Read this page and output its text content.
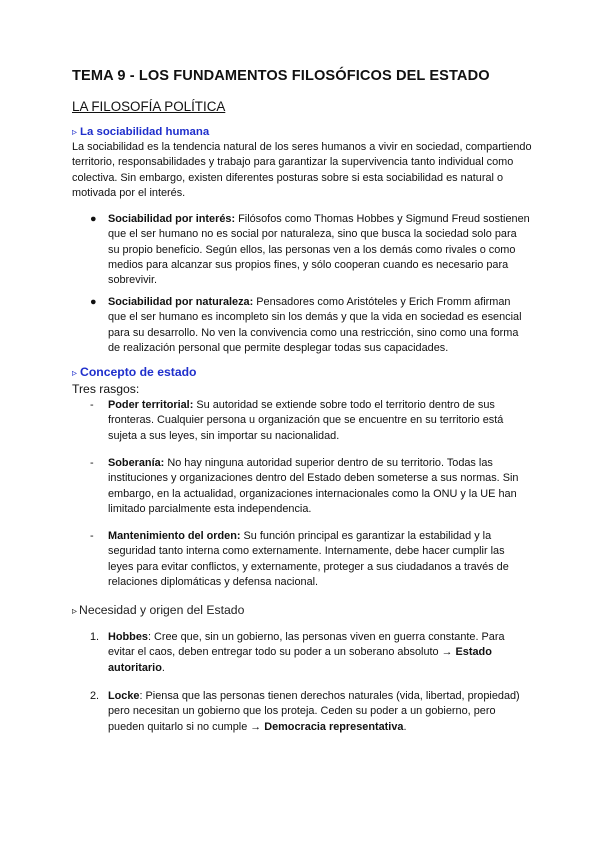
TEMA 9 - LOS FUNDAMENTOS FILOSÓFICOS DEL ESTADO
LA FILOSOFÍA POLÍTICA
▹ La sociabilidad humana
La sociabilidad es la tendencia natural de los seres humanos a vivir en sociedad, compartiendo territorio, responsabilidades y trabajo para garantizar la supervivencia tanto individual como colectiva. Sin embargo, existen diferentes posturas sobre si esta sociabilidad es natural o motivada por el interés.
●	Sociabilidad por interés: Filósofos como Thomas Hobbes y Sigmund Freud sostienen que el ser humano no es social por naturaleza, sino que busca la sociedad solo para su propio beneficio. Según ellos, las personas ven a los demás como rivales o como medios para alcanzar sus propios fines, y sólo cooperan cuando es necesario para sobrevivir.
●	Sociabilidad por naturaleza: Pensadores como Aristóteles y Erich Fromm afirman que el ser humano es incompleto sin los demás y que la vida en sociedad es esencial para su desarrollo. No ven la convivencia como una restricción, sino como una forma de realización personal que permite desplegar todas sus capacidades.
▹ Concepto de estado
Tres rasgos:
- Poder territorial: Su autoridad se extiende sobre todo el territorio dentro de sus fronteras. Cualquier persona u organización que se encuentre en su territorio está sujeta a sus leyes, sin importar su nacionalidad.
- Soberanía: No hay ninguna autoridad superior dentro de su territorio. Todas las instituciones y organizaciones dentro del Estado deben someterse a sus normas. Sin embargo, en la actualidad, organizaciones internacionales como la ONU y la UE han limitado parcialmente esta independencia.
- Mantenimiento del orden: Su función principal es garantizar la estabilidad y la seguridad tanto interna como externamente. Internamente, debe hacer cumplir las leyes para evitar conflictos, y externamente, proteger a sus ciudadanos a través de relaciones diplomáticas y defensa nacional.
▹ Necesidad y origen del Estado
1. Hobbes: Cree que, sin un gobierno, las personas viven en guerra constante. Para evitar el caos, deben entregar todo su poder a un soberano absoluto → Estado autoritario.
2. Locke: Piensa que las personas tienen derechos naturales (vida, libertad, propiedad) pero necesitan un gobierno que los proteja. Ceden su poder a un gobierno, pero pueden quitarlo si no cumple → Democracia representativa.
